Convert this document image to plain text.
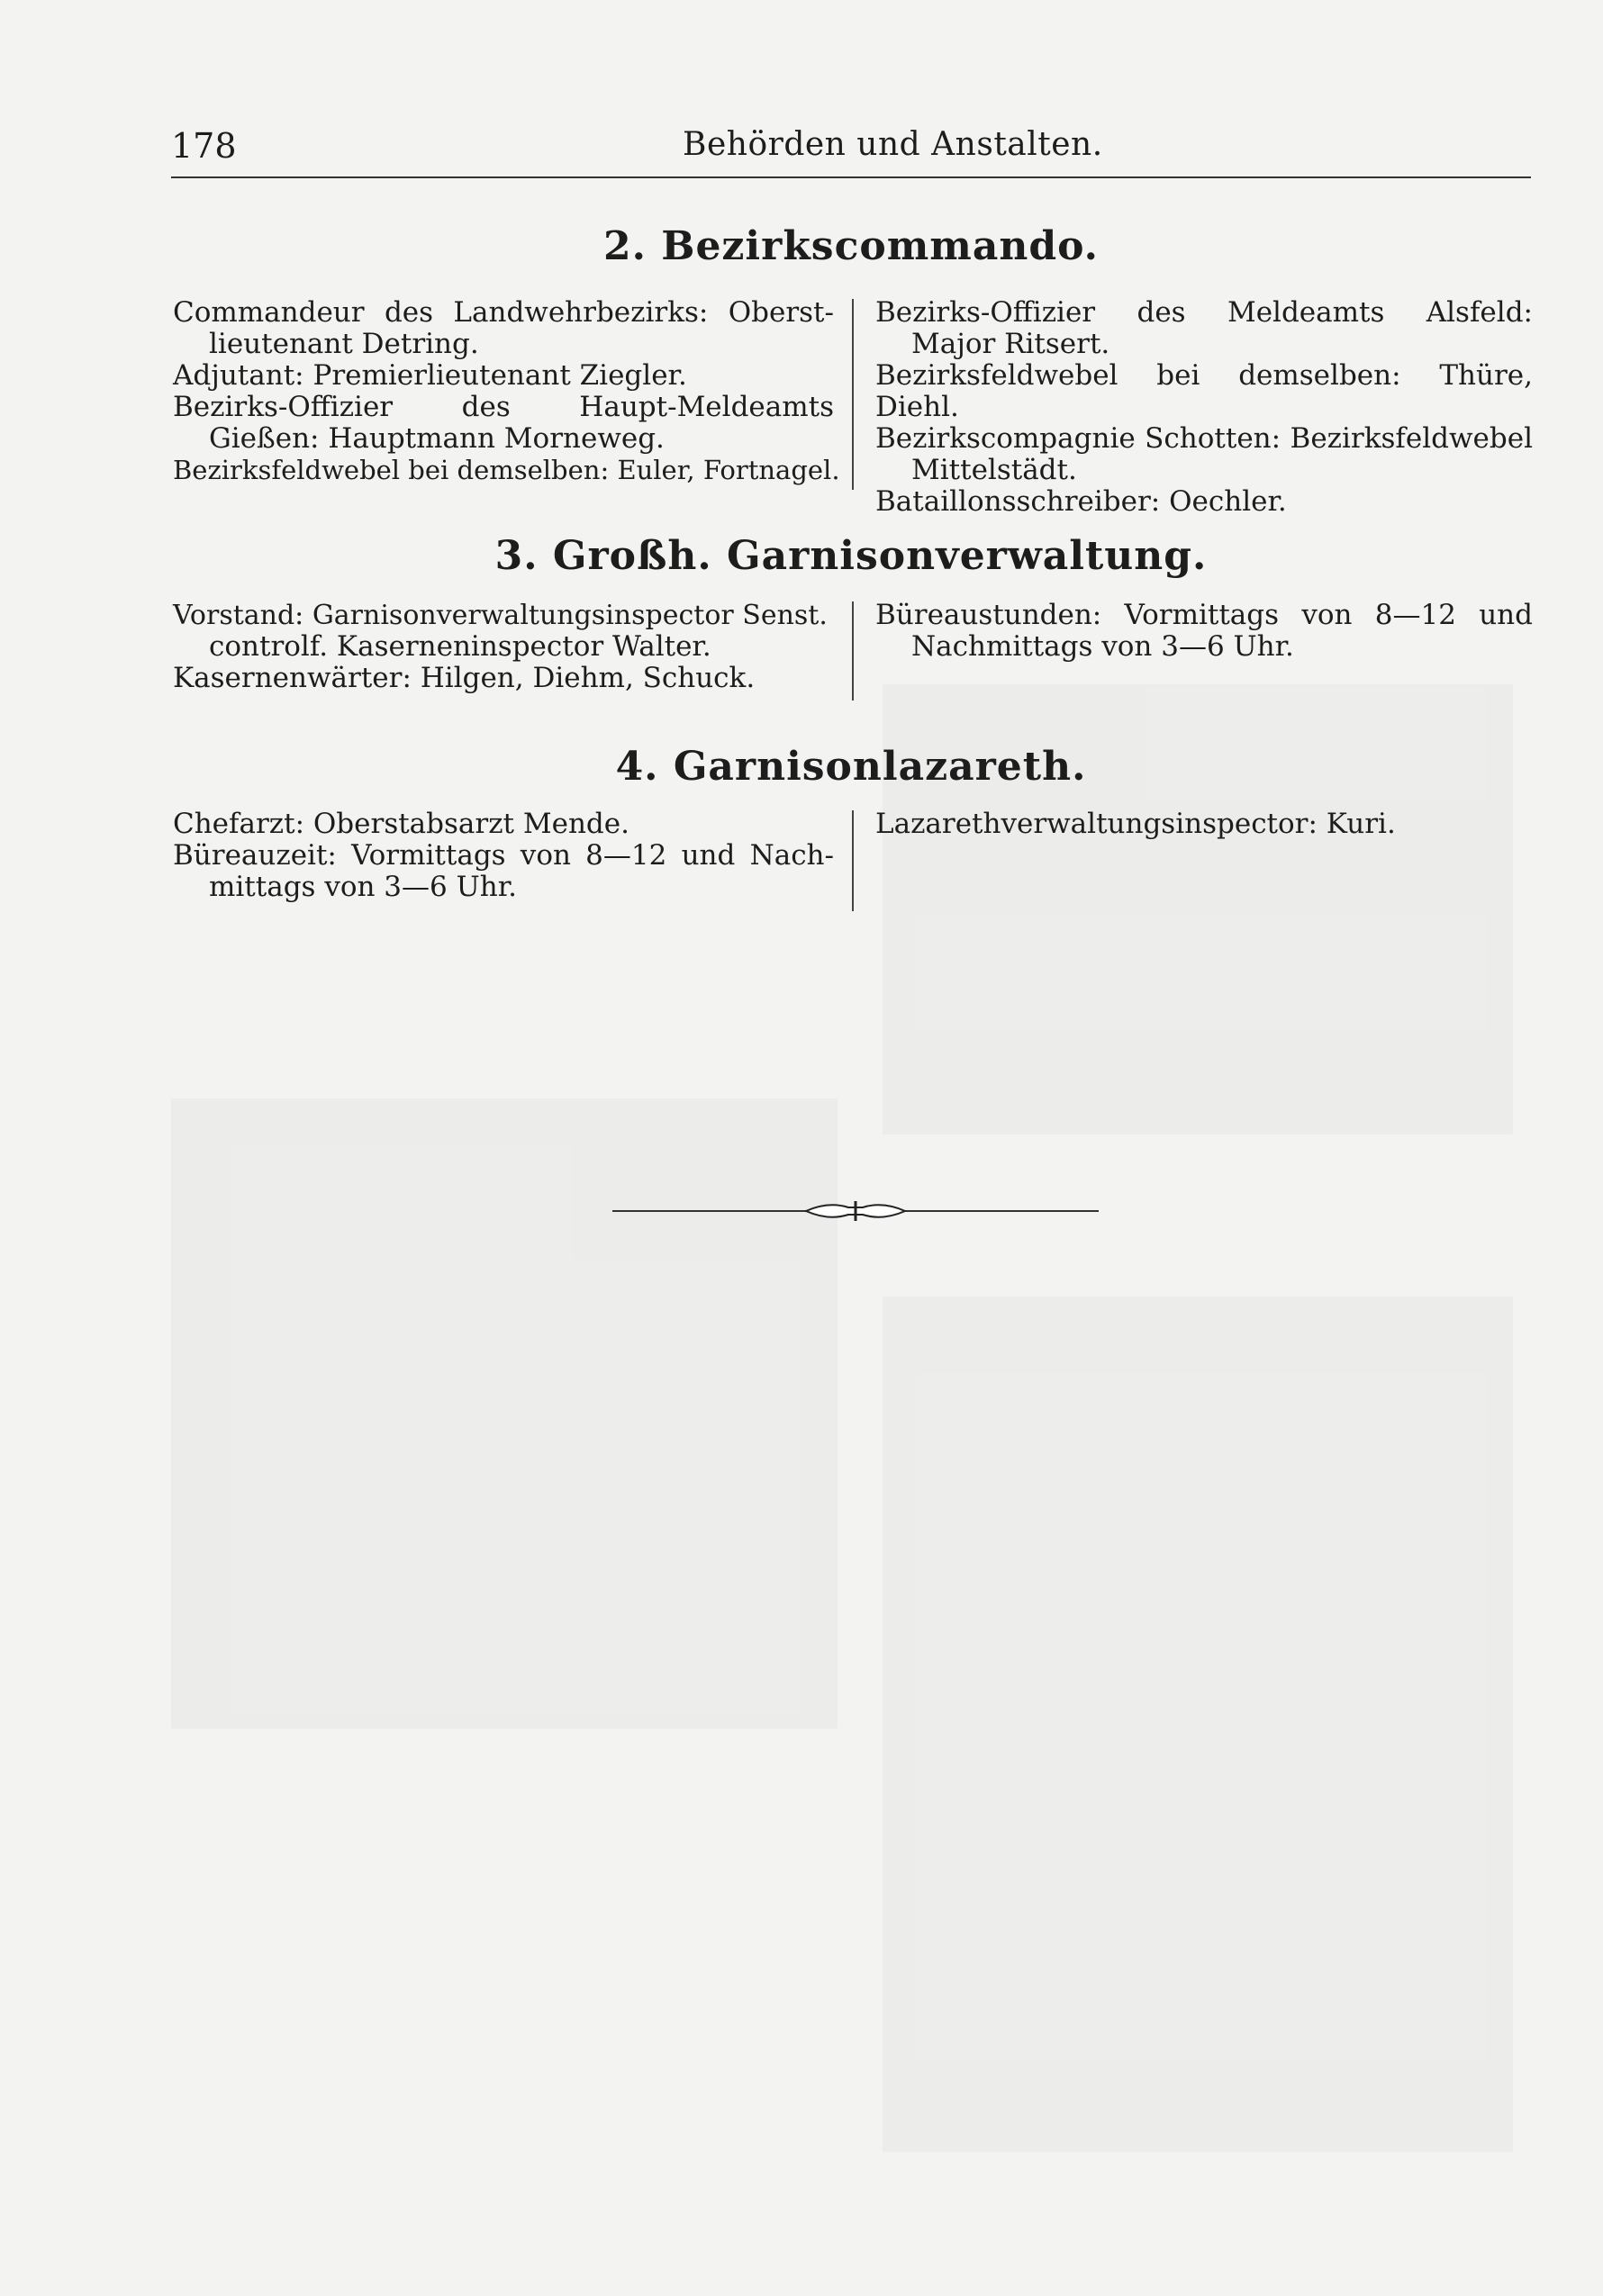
178	Behörden und Anstalten.
2. Bezirkscommando.
Commandeur des Landwehrbezirks: Oberst-
lieutenant Detring.
Adjutant: Premierlieutenant Ziegler.
Bezirks-Offizier des Haupt-Meldeamts
Gießen: Hauptmann Morneweg.
Bezirksfeldwebel bei demselben: Euler, Fortnagel.
Bezirks-Offizier des Meldeamts Alsfeld:
Major Ritsert.
Bezirksfeldwebel bei demselben: Thüre, Diehl.
Bezirkscompagnie Schotten: Bezirksfeldwebel
Mittelstädt.
Bataillonsschreiber: Oechler.
3. Großh. Garnisonverwaltung.
Vorstand: Garnisonverwaltungsinspector Senst.
controlf. Kaserneninspector Walter.
Kasernenwärter: Hilgen, Diehm, Schuck.
Büreaustunden: Vormittags von 8—12 und
Nachmittags von 3—6 Uhr.
4. Garnisonlazareth.
Chefarzt: Oberstabsarzt Mende.
Büreauzeit: Vormittags von 8—12 und Nach-
mittags von 3—6 Uhr.
Lazarethverwaltungsinspector: Kuri.
